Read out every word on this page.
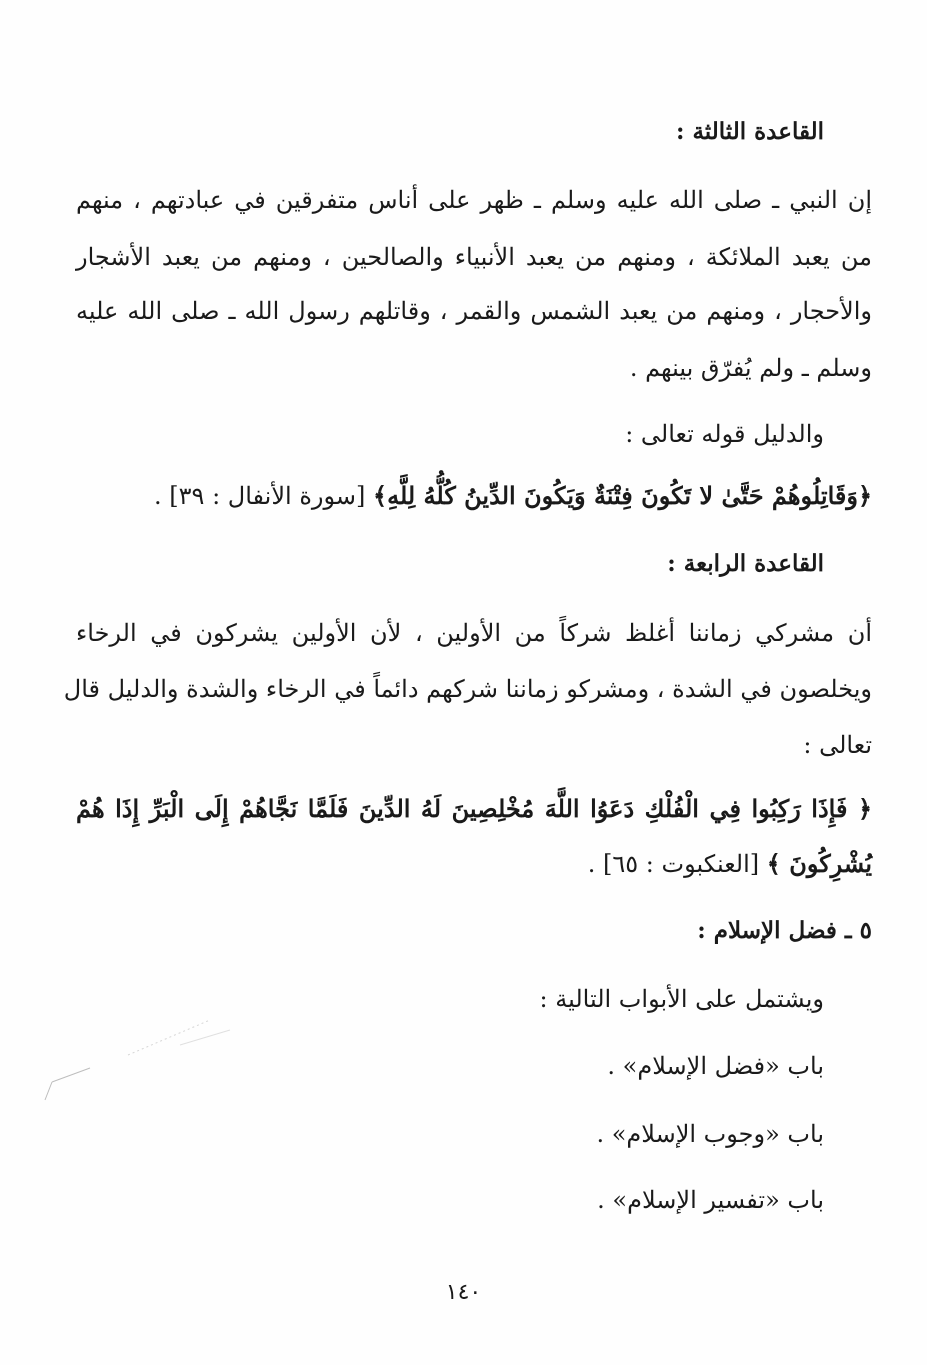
القاعدة الثالثة :
إن النبي ـ صلى الله عليه وسلم ـ ظهر على أناس متفرقين في عبادتهم ، منهم
من يعبد الملائكة ، ومنهم من يعبد الأنبياء والصالحين ، ومنهم من يعبد الأشجار
والأحجار ، ومنهم من يعبد الشمس والقمر ، وقاتلهم رسول الله ـ صلى الله عليه
وسلم ـ ولم يُفرّق بينهم .
والدليل قوله تعالى :
﴿وَقَاتِلُوهُمْ حَتَّىٰ لا تَكُونَ فِتْنَةٌ وَيَكُونَ الدِّينُ كُلُّهُ لِلَّهِ﴾ [سورة الأنفال : ٣٩] .
القاعدة الرابعة :
أن مشركي زماننا أغلظ شركاً من الأولين ، لأن الأولين يشركون في الرخاء
ويخلصون في الشدة ، ومشركو زماننا شركهم دائماً في الرخاء والشدة والدليل قال
تعالى :
﴿ فَإِذَا رَكِبُوا فِي الْفُلْكِ دَعَوُا اللَّهَ مُخْلِصِينَ لَهُ الدِّينَ فَلَمَّا نَجَّاهُمْ إِلَى الْبَرِّ إِذَا هُمْ
يُشْرِكُونَ ﴾ [العنكبوت : ٦٥] .
٥ ـ فضل الإسلام :
ويشتمل على الأبواب التالية :
باب «فضل الإسلام» .
باب «وجوب الإسلام» .
باب «تفسير الإسلام» .
١٤٠
